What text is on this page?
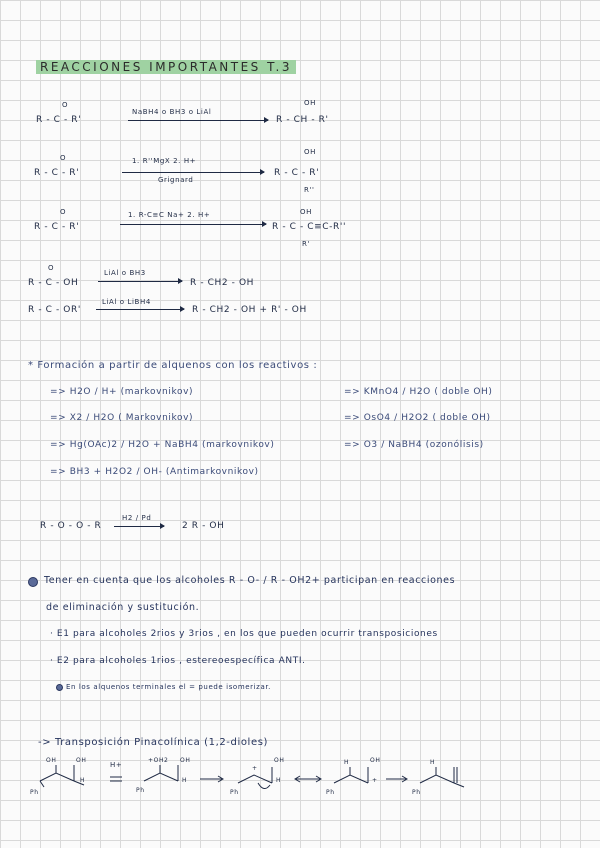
REACCIONES IMPORTANTES T.3
O
R - C - R'
NaBH4 o BH3 o LiAl
OH
R - CH - R'
O
R - C - R'
1. R''MgX 2. H+
Grignard
OH
R - C - R'
R''
O
R - C - R'
1. R-C≡C Na+ 2. H+	OH
R - C - C≡C-R''
R'
O
R - C - OH
LiAl o BH3
R - CH2 - OH
R - C - OR'
LiAl o LiBH4
R - CH2 - OH + R' - OH
* Formación a partir de alquenos con los reactivos :
=> H2O / H+ (markovnikov)
=> X2 / H2O ( Markovnikov)
=> Hg(OAc)2 / H2O + NaBH4 (markovnikov)
=> BH3 + H2O2 / OH- (Antimarkovnikov)
=> KMnO4 / H2O ( doble OH)
=> OsO4 / H2O2 ( doble OH)
=> O3 / NaBH4 (ozonólisis)
R - O - O - R
H2 / Pd
2 R - OH
Tener en cuenta que los alcoholes R - O- / R - OH2+ participan en reacciones
de eliminación y sustitución.
· E1 para alcoholes 2rios y 3rios , en los que pueden ocurrir transposiciones
· E2 para alcoholes 1rios , estereoespecífica ANTI.
En los alquenos terminales el = puede isomerizar.
-> Transposición Pinacolínica (1,2-dioles)
OH	OH
Ph
H
H+
+OH2 OH
Ph
H
+
OH
Ph
H
H	OH
Ph
+
H
Ph
